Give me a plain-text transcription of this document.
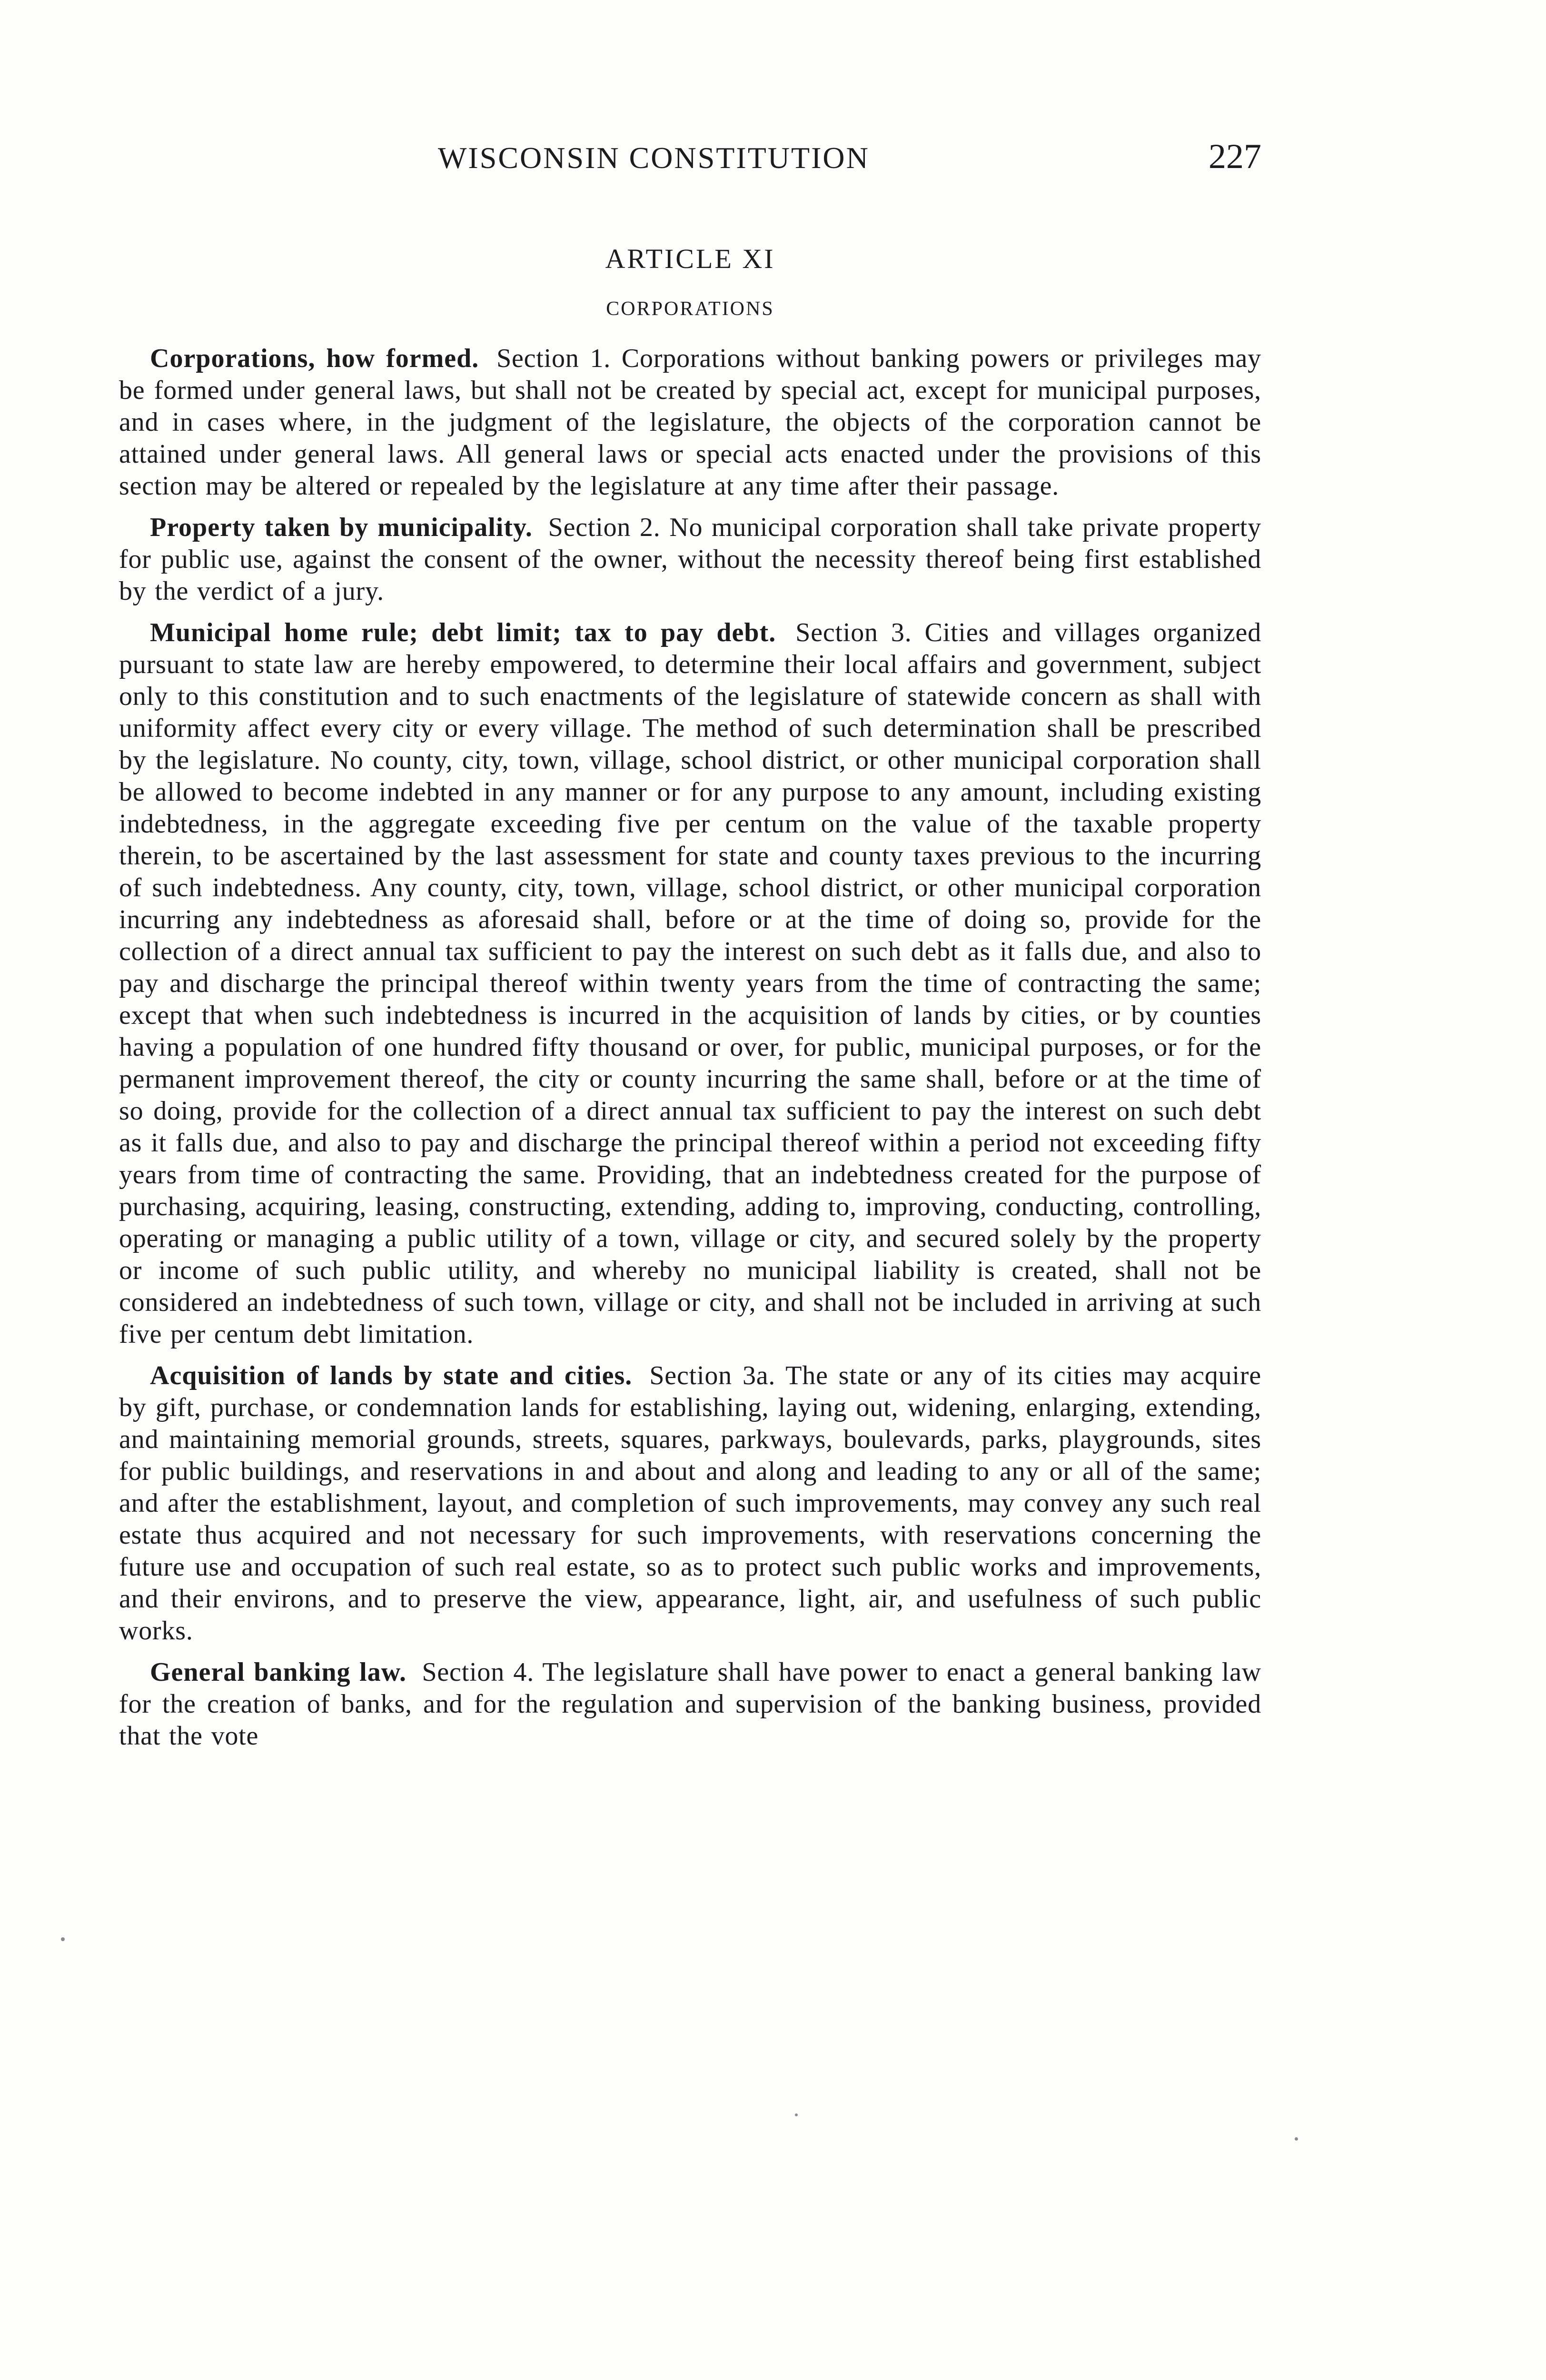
WISCONSIN CONSTITUTION	227
ARTICLE XI
CORPORATIONS

Corporations, how formed. Section 1. Corporations without banking powers or privileges may be formed under general laws, but shall not be created by special act, except for municipal purposes, and in cases where, in the judgment of the legislature, the objects of the corporation cannot be attained under general laws. All general laws or special acts enacted under the provisions of this section may be altered or repealed by the legislature at any time after their passage.

Property taken by municipality. Section 2. No municipal corporation shall take private property for public use, against the consent of the owner, without the necessity thereof being first established by the verdict of a jury.

Municipal home rule; debt limit; tax to pay debt. Section 3. Cities and villages organized pursuant to state law are hereby empowered, to determine their local affairs and government, subject only to this constitution and to such enactments of the legislature of statewide concern as shall with uniformity affect every city or every village. The method of such determination shall be prescribed by the legislature. No county, city, town, village, school district, or other municipal corporation shall be allowed to become indebted in any manner or for any purpose to any amount, including existing indebtedness, in the aggregate exceeding five per centum on the value of the taxable property therein, to be ascertained by the last assessment for state and county taxes previous to the incurring of such indebtedness. Any county, city, town, village, school district, or other municipal corporation incurring any indebtedness as aforesaid shall, before or at the time of doing so, provide for the collection of a direct annual tax sufficient to pay the interest on such debt as it falls due, and also to pay and discharge the principal thereof within twenty years from the time of contracting the same; except that when such indebtedness is incurred in the acquisition of lands by cities, or by counties having a population of one hundred fifty thousand or over, for public, municipal purposes, or for the permanent improvement thereof, the city or county incurring the same shall, before or at the time of so doing, provide for the collection of a direct annual tax sufficient to pay the interest on such debt as it falls due, and also to pay and discharge the principal thereof within a period not exceeding fifty years from time of contracting the same. Providing, that an indebtedness created for the purpose of purchasing, acquiring, leasing, constructing, extending, adding to, improving, conducting, controlling, operating or managing a public utility of a town, village or city, and secured solely by the property or income of such public utility, and whereby no municipal liability is created, shall not be considered an indebtedness of such town, village or city, and shall not be included in arriving at such five per centum debt limitation.

Acquisition of lands by state and cities. Section 3a. The state or any of its cities may acquire by gift, purchase, or condemnation lands for establishing, laying out, widening, enlarging, extending, and maintaining memorial grounds, streets, squares, parkways, boulevards, parks, playgrounds, sites for public buildings, and reservations in and about and along and leading to any or all of the same; and after the establishment, layout, and completion of such improvements, may convey any such real estate thus acquired and not necessary for such improvements, with reservations concerning the future use and occupation of such real estate, so as to protect such public works and improvements, and their environs, and to preserve the view, appearance, light, air, and usefulness of such public works.

General banking law. Section 4. The legislature shall have power to enact a general banking law for the creation of banks, and for the regulation and supervision of the banking business, provided that the vote
